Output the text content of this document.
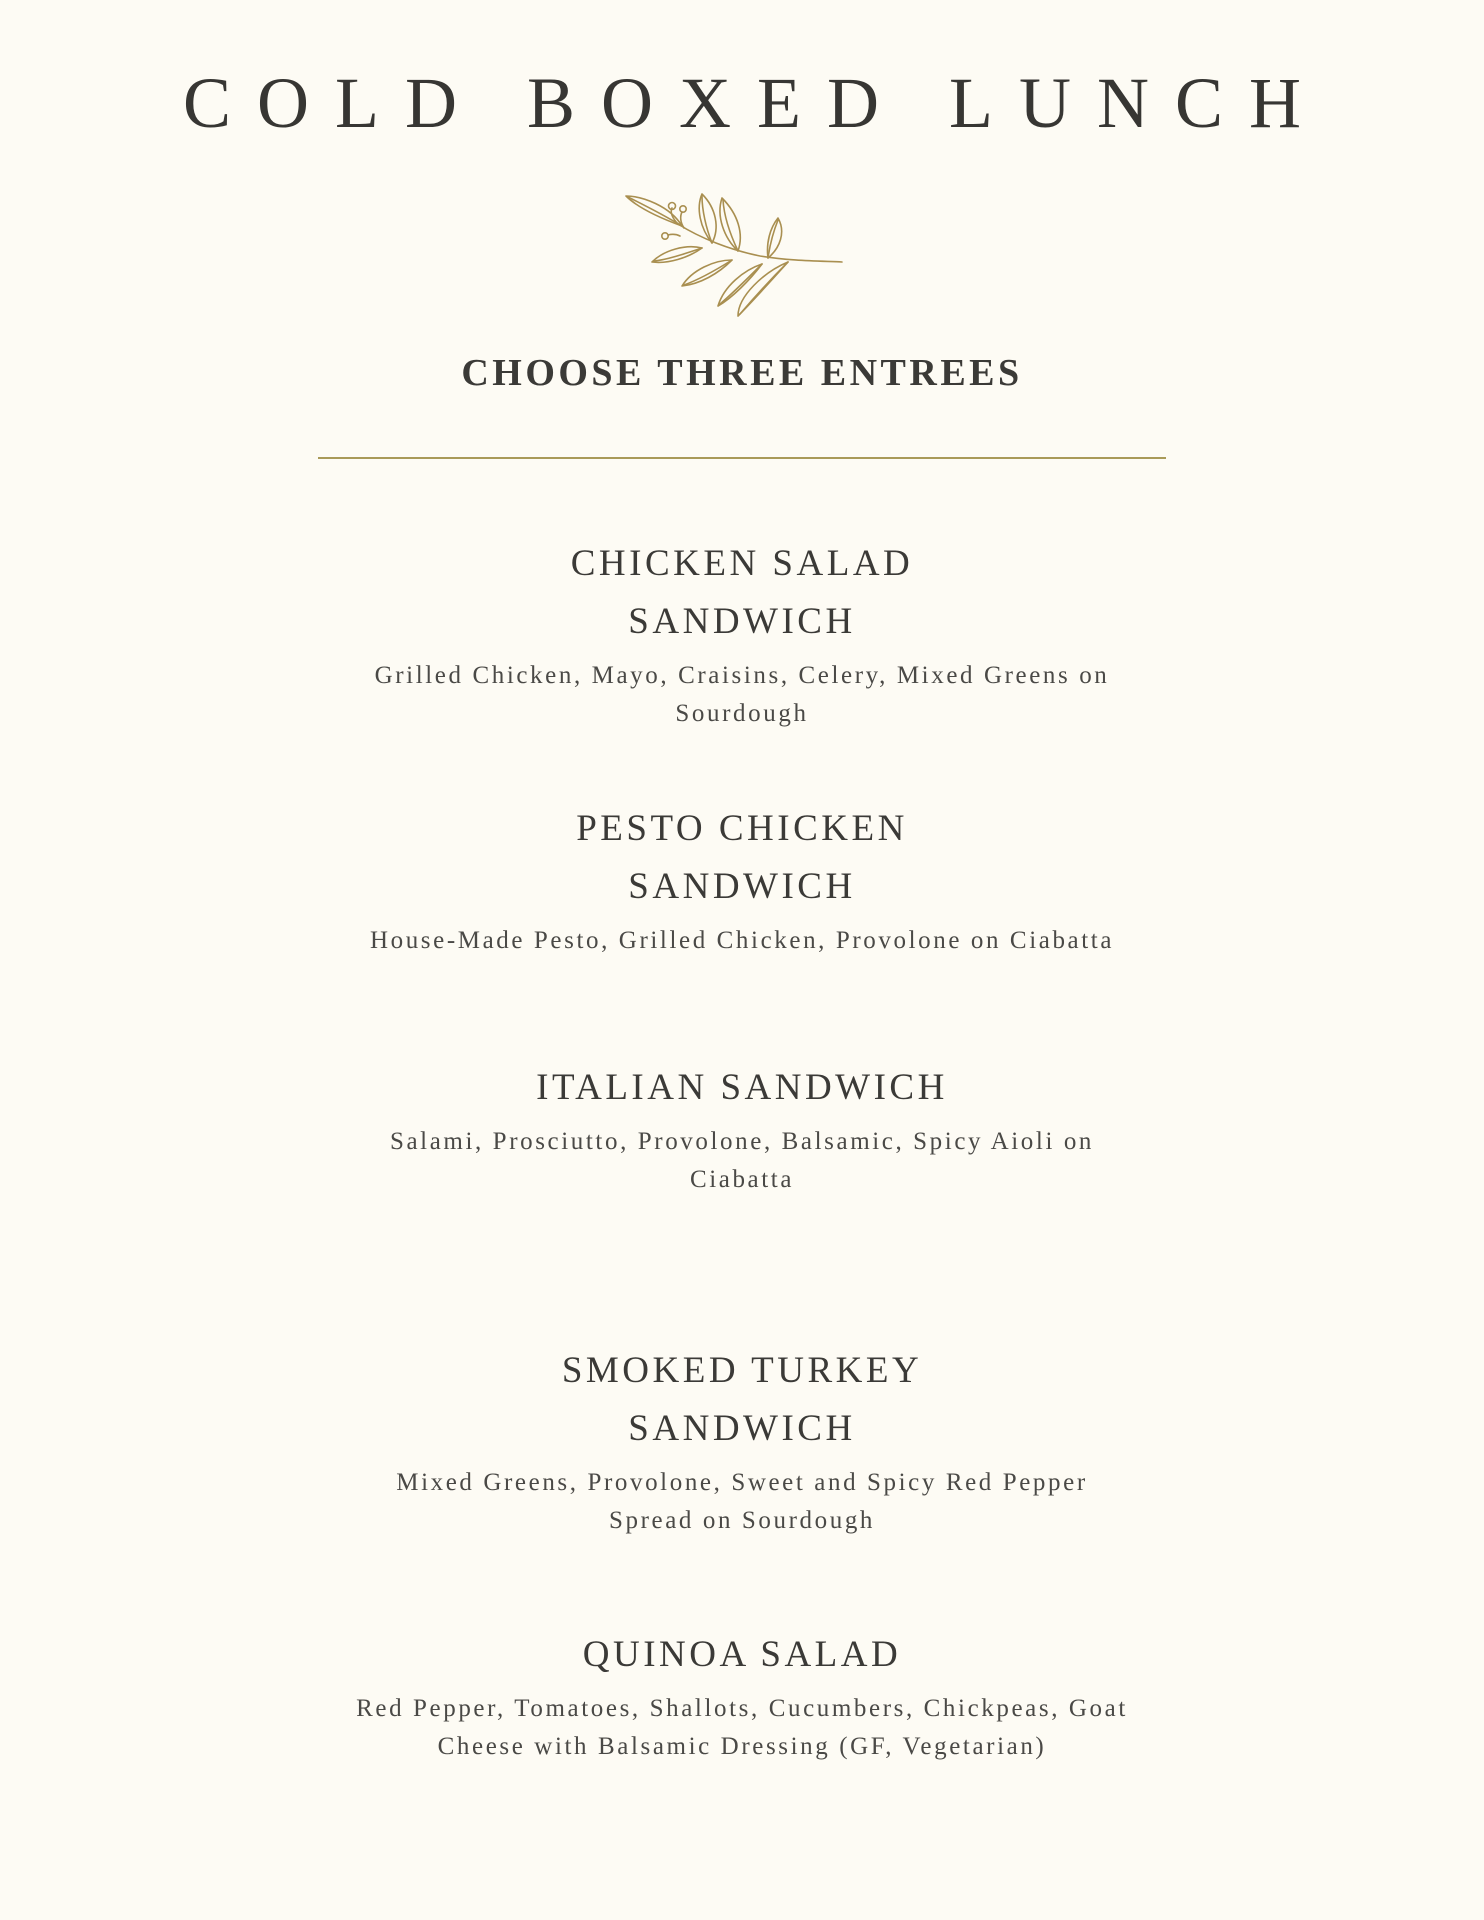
COLD BOXED LUNCH
CHOOSE THREE ENTREES
CHICKEN SALAD SANDWICH
Grilled Chicken, Mayo, Craisins, Celery, Mixed Greens on Sourdough
PESTO CHICKEN SANDWICH
House-Made Pesto, Grilled Chicken, Provolone on Ciabatta
ITALIAN SANDWICH
Salami, Prosciutto, Provolone, Balsamic, Spicy Aioli on Ciabatta
SMOKED TURKEY SANDWICH
Mixed Greens, Provolone, Sweet and Spicy Red Pepper Spread on Sourdough
QUINOA SALAD
Red Pepper, Tomatoes, Shallots, Cucumbers, Chickpeas, Goat Cheese with Balsamic Dressing (GF, Vegetarian)
